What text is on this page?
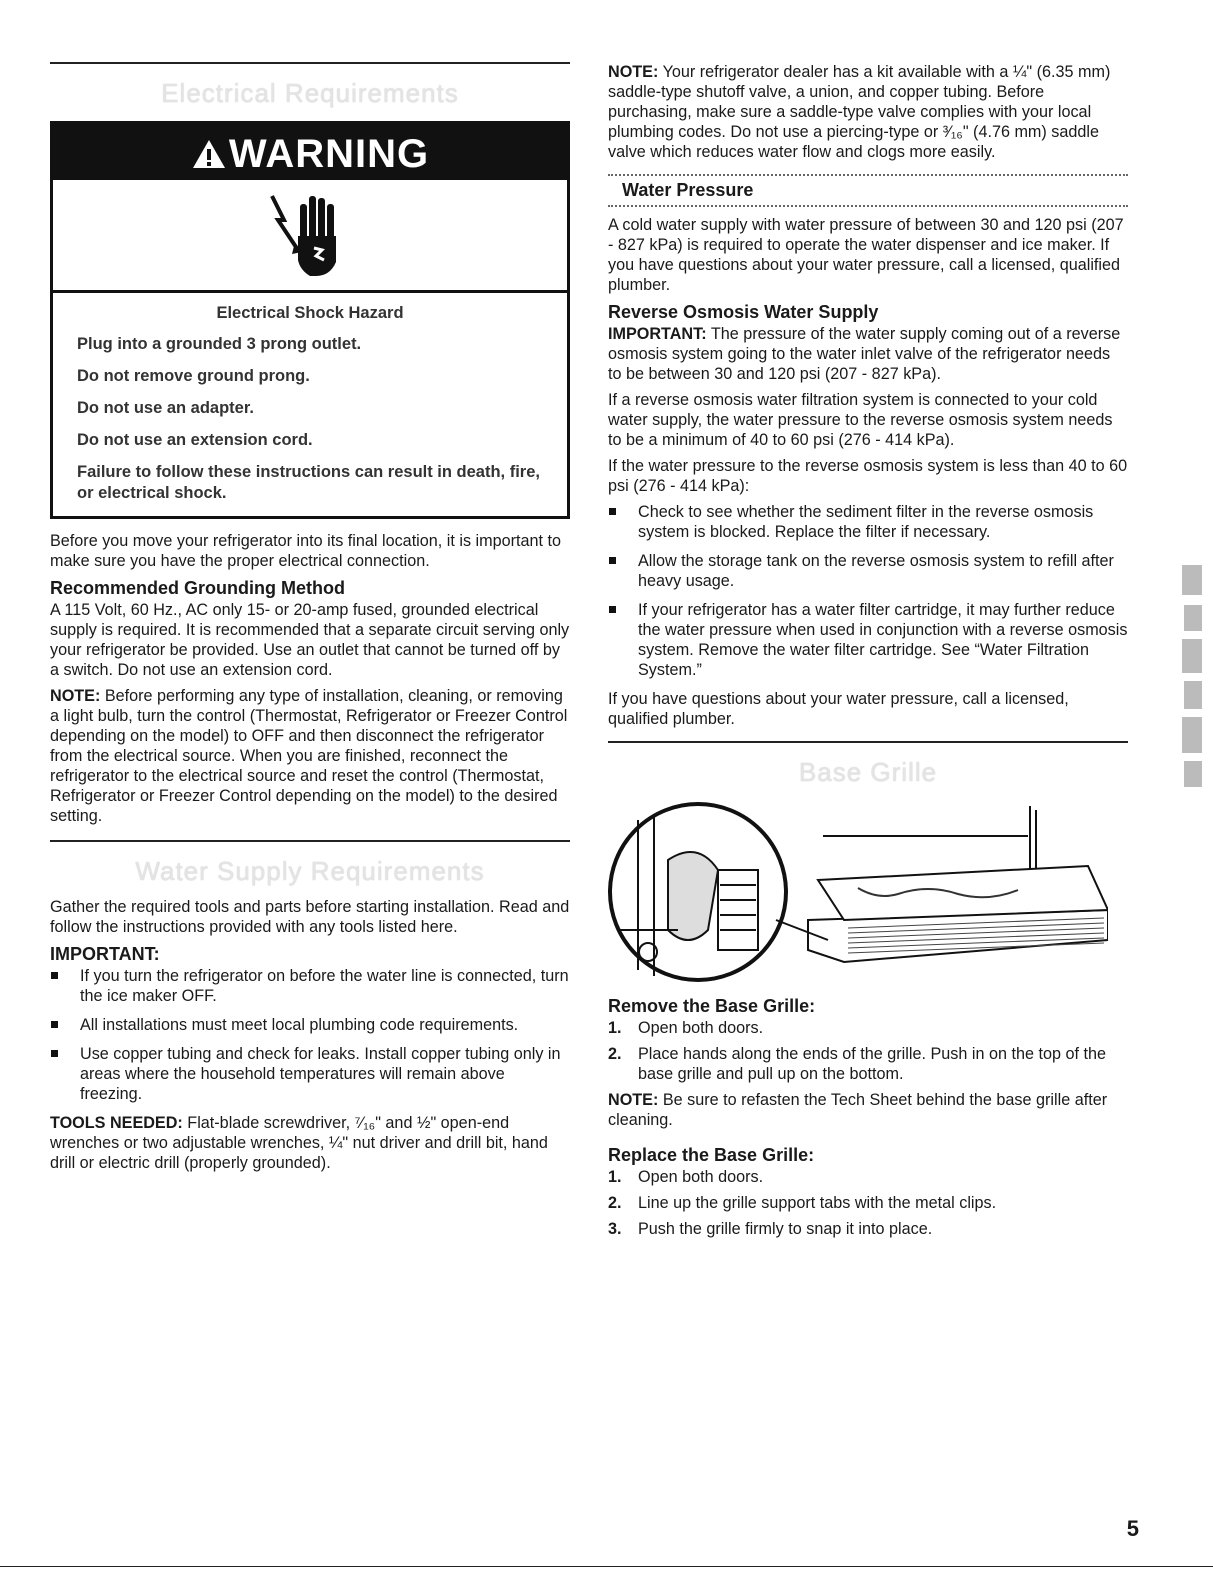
Electrical Requirements
WARNING
Electrical Shock Hazard
Plug into a grounded 3 prong outlet.
Do not remove ground prong.
Do not use an adapter.
Do not use an extension cord.
Failure to follow these instructions can result in death, fire, or electrical shock.

Before you move your refrigerator into its final location, it is important to make sure you have the proper electrical connection.

Recommended Grounding Method

A 115 Volt, 60 Hz., AC only 15- or 20-amp fused, grounded electrical supply is required. It is recommended that a separate circuit serving only your refrigerator be provided. Use an outlet that cannot be turned off by a switch. Do not use an extension cord.

NOTE: Before performing any type of installation, cleaning, or removing a light bulb, turn the control (Thermostat, Refrigerator or Freezer Control depending on the model) to OFF and then disconnect the refrigerator from the electrical source. When you are finished, reconnect the refrigerator to the electrical source and reset the control (Thermostat, Refrigerator or Freezer Control depending on the model) to the desired setting.

Water Supply Requirements

Gather the required tools and parts before starting installation. Read and follow the instructions provided with any tools listed here.

IMPORTANT:
If you turn the refrigerator on before the water line is connected, turn the ice maker OFF.
All installations must meet local plumbing code requirements.
Use copper tubing and check for leaks. Install copper tubing only in areas where the household temperatures will remain above freezing.

TOOLS NEEDED: Flat-blade screwdriver, ⁷⁄₁₆" and ½" open-end wrenches or two adjustable wrenches, ¼" nut driver and drill bit, hand drill or electric drill (properly grounded).

NOTE: Your refrigerator dealer has a kit available with a ¼" (6.35 mm) saddle-type shutoff valve, a union, and copper tubing. Before purchasing, make sure a saddle-type valve complies with your local plumbing codes. Do not use a piercing-type or ³⁄₁₆" (4.76 mm) saddle valve which reduces water flow and clogs more easily.

Water Pressure

A cold water supply with water pressure of between 30 and 120 psi (207 - 827 kPa) is required to operate the water dispenser and ice maker. If you have questions about your water pressure, call a licensed, qualified plumber.

Reverse Osmosis Water Supply

IMPORTANT: The pressure of the water supply coming out of a reverse osmosis system going to the water inlet valve of the refrigerator needs to be between 30 and 120 psi (207 - 827 kPa).

If a reverse osmosis water filtration system is connected to your cold water supply, the water pressure to the reverse osmosis system needs to be a minimum of 40 to 60 psi (276 - 414 kPa).

If the water pressure to the reverse osmosis system is less than 40 to 60 psi (276 - 414 kPa):

Check to see whether the sediment filter in the reverse osmosis system is blocked. Replace the filter if necessary.
Allow the storage tank on the reverse osmosis system to refill after heavy usage.
If your refrigerator has a water filter cartridge, it may further reduce the water pressure when used in conjunction with a reverse osmosis system. Remove the water filter cartridge. See “Water Filtration System.”

If you have questions about your water pressure, call a licensed, qualified plumber.

Base Grille
Remove the Base Grille:
1. Open both doors.
2. Place hands along the ends of the grille. Push in on the top of the base grille and pull up on the bottom.

NOTE: Be sure to refasten the Tech Sheet behind the base grille after cleaning.

Replace the Base Grille:
1. Open both doors.
2. Line up the grille support tabs with the metal clips.
3. Push the grille firmly to snap it into place.
5
